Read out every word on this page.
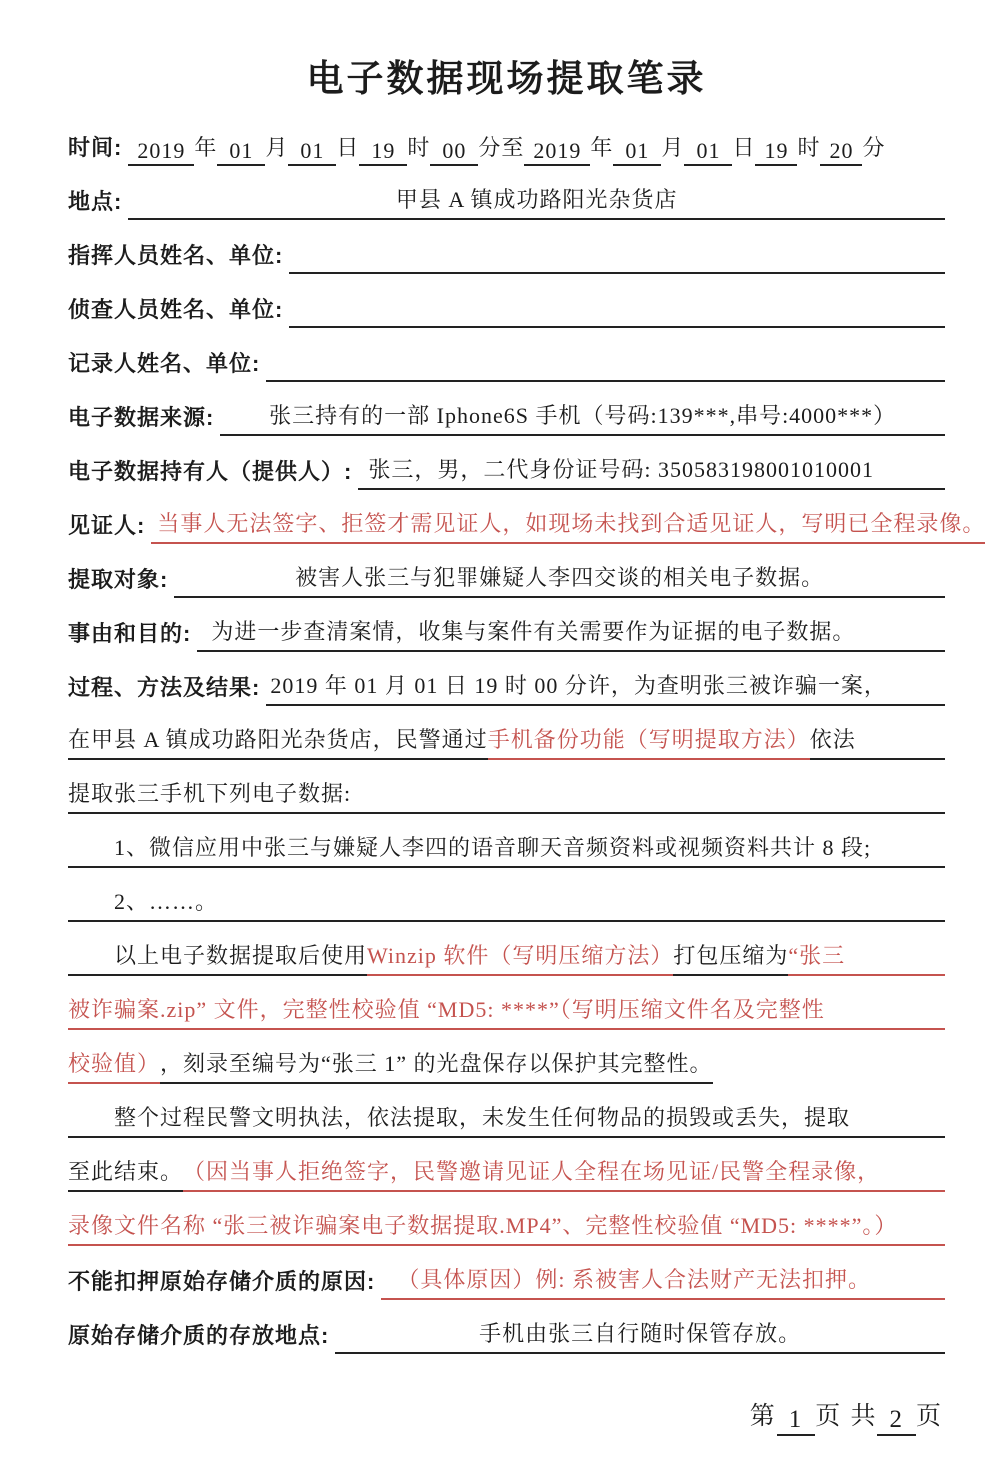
电子数据现场提取笔录
时间: 2019 年 01 月 01 日 19 时 00 分至 2019 年 01 月 01 日 19 时 20 分
地点:	甲县 A 镇成功路阳光杂货店
指挥人员姓名、单位:
侦查人员姓名、单位:
记录人姓名、单位:
电子数据来源:	张三持有的一部 Iphone6S 手机（号码:139***,串号:4000***）
电子数据持有人（提供人）: 张三，男，二代身份证号码: 350583198001010001
见证人: 当事人无法签字、拒签才需见证人，如现场未找到合适见证人，写明已全程录像。
提取对象:	被害人张三与犯罪嫌疑人李四交谈的相关电子数据。
事由和目的: 为进一步查清案情，收集与案件有关需要作为证据的电子数据。
过程、方法及结果: 2019 年 01 月 01 日 19 时 00 分许，为查明张三被诈骗一案，
在甲县 A 镇成功路阳光杂货店，民警通过 手机备份功能（写明提取方法） 依法
提取张三手机下列电子数据:
1、微信应用中张三与嫌疑人李四的语音聊天音频资料或视频资料共计 8 段;
2、……。
以上电子数据提取后使用 Winzip 软件（写明压缩方法） 打包压缩为 “张三
被诈骗案.zip” 文件，完整性校验值 “MD5: ****”（写明压缩文件名及完整性
校验值） ，刻录至编号为“张三 1” 的光盘保存以保护其完整性。
整个过程民警文明执法，依法提取，未发生任何物品的损毁或丢失，提取
至此结束。 （因当事人拒绝签字，民警邀请见证人全程在场见证/民警全程录像，
录像文件名称 “张三被诈骗案电子数据提取.MP4”、完整性校验值 “MD5: ****”。）
不能扣押原始存储介质的原因:	（具体原因）例: 系被害人合法财产无法扣押。
原始存储介质的存放地点:	手机由张三自行随时保管存放。
第 1 页 共 2 页
